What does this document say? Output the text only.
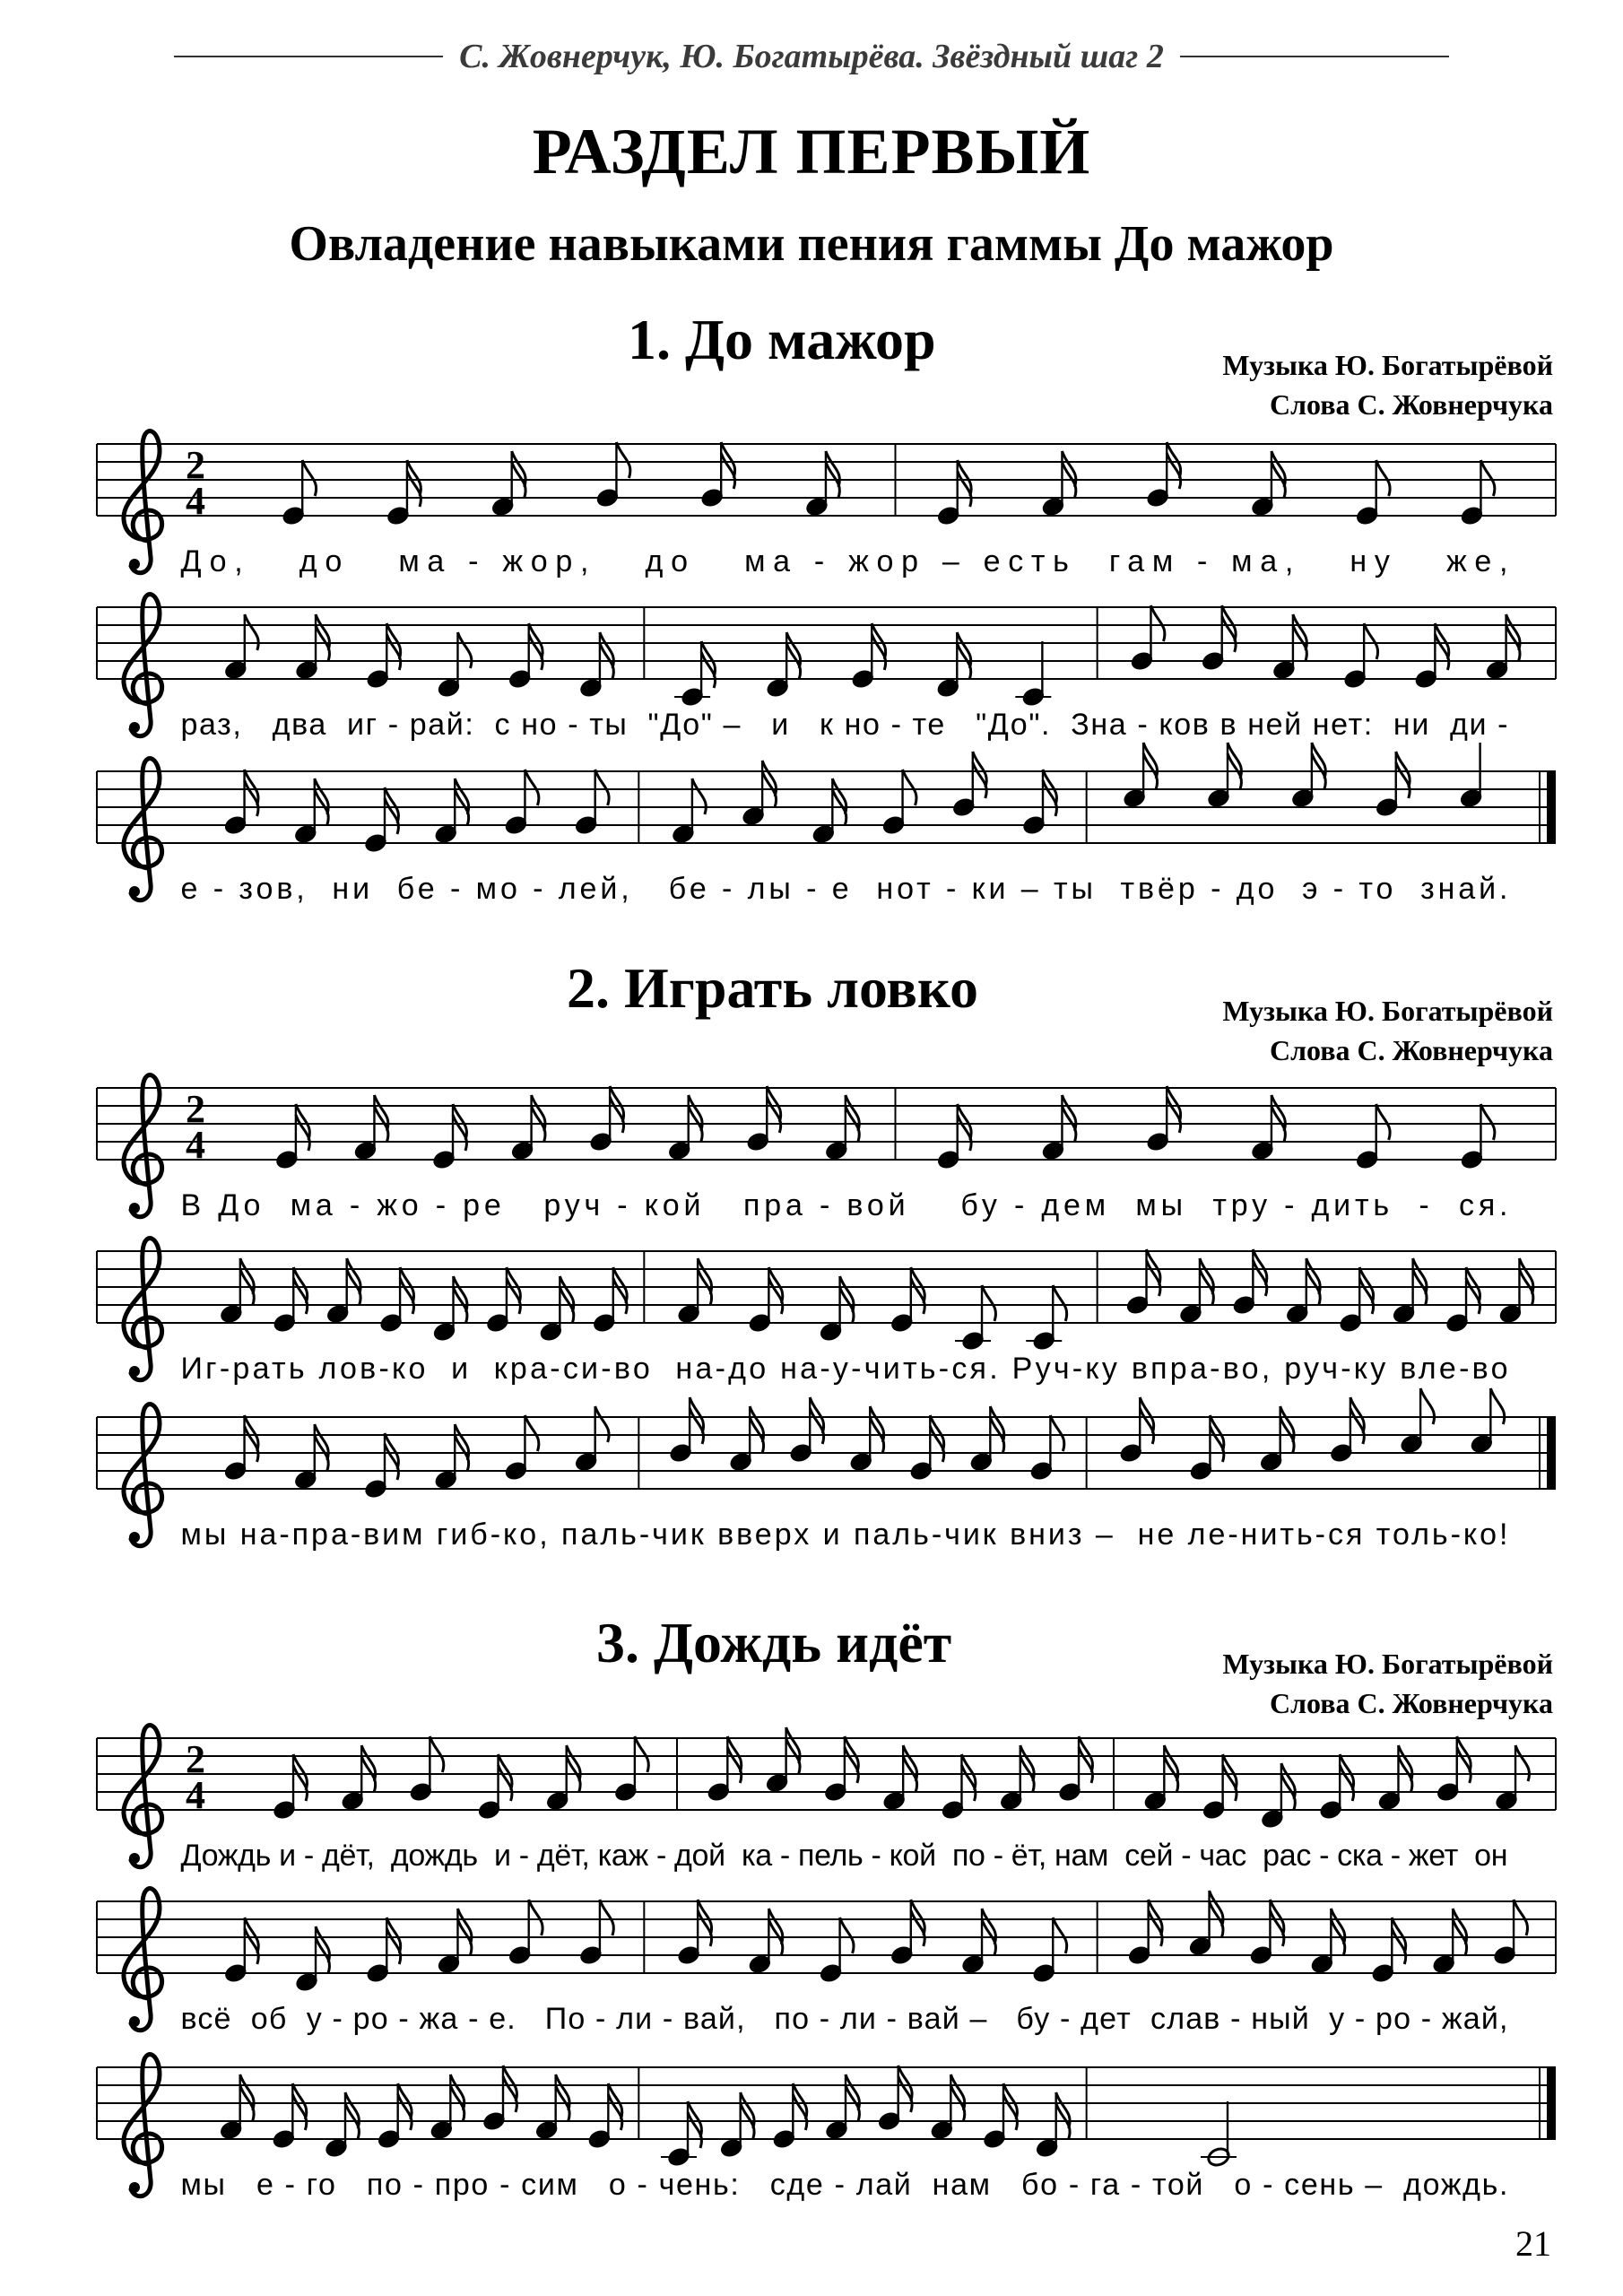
С. Жовнерчук, Ю. Богатырёва. Звёздный шаг 2
РАЗДЕЛ ПЕРВЫЙ
Овладение навыками пения гаммы До мажор
1. До мажор	Музыка Ю. Богатырёвой
Слова С. Жовнерчука
2. Играть ловко	Музыка Ю. Богатырёвой
Слова С. Жовнерчука
3. Дождь идёт	Музыка Ю. Богатырёвой
Слова С. Жовнерчука
2
4
До,   до   ма - жор,   до   ма - жор – есть  гам - ма,   ну   же,
раз,   два  иг - рай:  с но - ты  "До" –   и   к но - те   "До".  Зна - ков в ней нет:  ни  ди -
е - зов,  ни  бе - мо - лей,   бе - лы - е  нот - ки – ты  твёр - до  э - то  знай.
2
4
В До  ма - жо - ре   руч - кой   пра - вой    бу - дем  мы  тру - дить  -  ся.
Иг-рать лов-ко  и  кра-си-во  на-до на-у-чить-ся. Руч-ку впра-во, руч-ку вле-во
мы на-пра-вим гиб-ко, паль-чик вверх и паль-чик вниз –  не ле-нить-ся толь-ко!
2
4
Дождь и - дёт,  дождь  и - дёт, каж - дой  ка - пель - кой  по - ёт, нам  сей - час  рас - ска - жет  он
всё  об  у - ро - жа - е.   По - ли - вай,   по - ли - вай –   бу - дет  слав - ный  у - ро - жай,
мы   е - го   по - про - сим   о - чень:   сде - лай  нам   бо - га - той   о - сень –  дождь.
21
